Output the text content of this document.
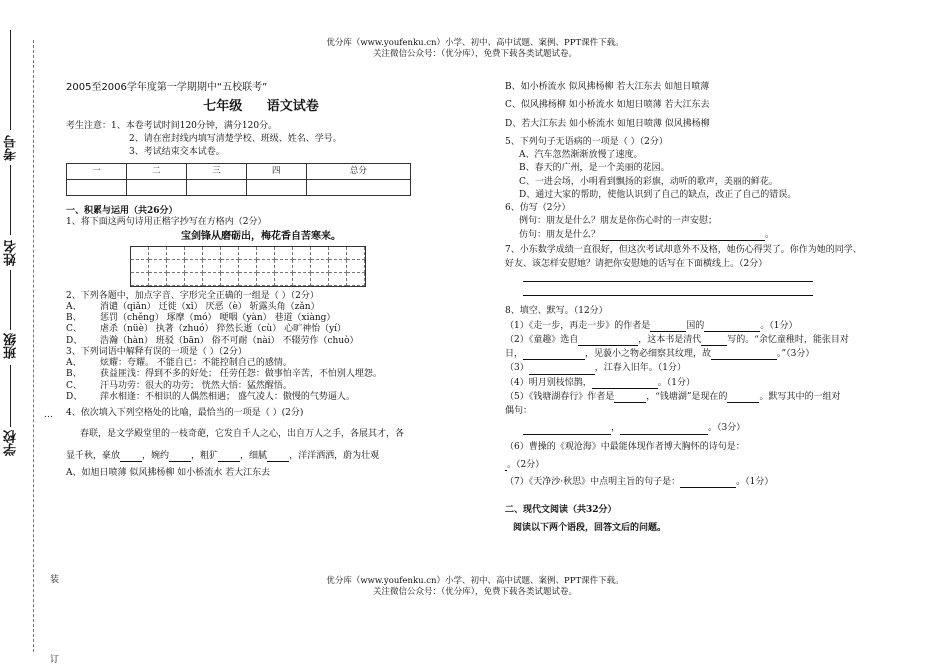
优分库（www.youfenku.cn）小学、初中、高中试题、案例、PPT课件下载。
关注微信公众号：（优分库），免费下载各类试题试卷。
考号
姓名
班级
学校
…
装
订

2005至2006学年度第一学期期中“五校联考”

七年级 语文试卷

考生注意：1、本卷考试时间120分钟，满分120分。

2、请在密封线内填写清楚学校、班级、姓名、学号。

3、考试结束交本试卷。

一	二	三	四	总分

一、积累与运用（共26分）

1、将下面这两句诗用正楷字抄写在方格内（2分）

宝剑锋从磨砺出，梅花香自苦寒来。

2、下列各题中，加点字音、字形完全正确的一组是（ ）（2分）

A、	消谴（qiǎn） 迁徙（xǐ） 厌恶（è） 斩露头角（zǎn）
B、	惩罚（chěng） 琢摩（mó） 哽咽（yàn） 巷道（xiàng）
C、	虐杀（nüè） 执著（zhuó） 猝然长逝（cù） 心旷神怡（yí）
D、	浩瀚（hàn） 班驳（bān） 俗不可耐（nài） 不辍劳作（chuò）

3、下列词语中解释有误的一项是（ ）（2分）

A、	炫耀：夸耀。 不能自已：不能控制自己的感情。
B、	获益匪浅：得到不多的好处； 任劳任怨：做事怕辛苦，不怕别人埋怨。
C、	汗马功劳：很大的功劳； 恍然大悟：猛然醒悟。
D、	萍水相逢：不相识的人偶然相遇； 盛气凌人：傲慢的气势逼人。

4、依次填入下列空格处的比喻，最恰当的一项是（ ）(2分)

春联，是文学殿堂里的一枝奇葩，它发自千人之心，出自万人之手，各展其才，各

显千秋，豪放 ，婉约 ，粗犷 ，细腻 ，洋洋洒洒，蔚为壮观

A、如旭日喷薄 似风拂杨柳 如小桥流水 若大江东去

B、如小桥流水 似风拂杨柳 若大江东去 如旭日喷薄

C、似风拂杨柳 如小桥流水 如旭日喷薄 若大江东去

D、若大江东去 如小桥流水 如旭日喷薄 似风拂杨柳

5、下列句子无语病的一项是（ ）（2分）

A、汽车忽然渐渐放慢了速度。

B、春天的广州，是一个美丽的花园。

C、一进会场，小明看到飘扬的彩旗，动听的歌声，美丽的鲜花。

D、通过大家的帮助，使他认识到了自己的缺点，改正了自己的错误。

6、仿写（2分）

例句：朋友是什么？朋友是你伤心时的一声安慰；

仿句：朋友是什么？	。

7、小东数学成绩一直很好，但这次考试却意外不及格，她伤心得哭了。你作为她的同学、

好友、该怎样安慰她？请把你安慰她的话写在下面横线上。（2分）

8、填空、默写。（12分）

（1）《走一步，再走一步》的作者是	国的	。（1分）

（2）《童趣》选自	，这本书是清代	写的。“余忆童稚时，能张目对

日，	，见藐小之物必细察其纹理，故	。”（3分）

（3）	，江春入旧年。（1分）

（4）明月别枝惊鹊，	。（1分）

（5）《钱塘湖春行》作者是	，“钱塘湖”是现在的	。默写其中的一组对

偶句：

，	。（3分）

（6）曹操的《观沧海》中最能体现作者博大胸怀的诗句是：

。（2分）

（7）《天净沙·秋思》中点明主旨的句子是：	。（1分）

二、现代文阅读（共32分）

阅读以下两个语段，回答文后的问题。

优分库（www.youfenku.cn）小学、初中、高中试题、案例、PPT课件下载。
关注微信公众号：（优分库），免费下载各类试题试卷。
